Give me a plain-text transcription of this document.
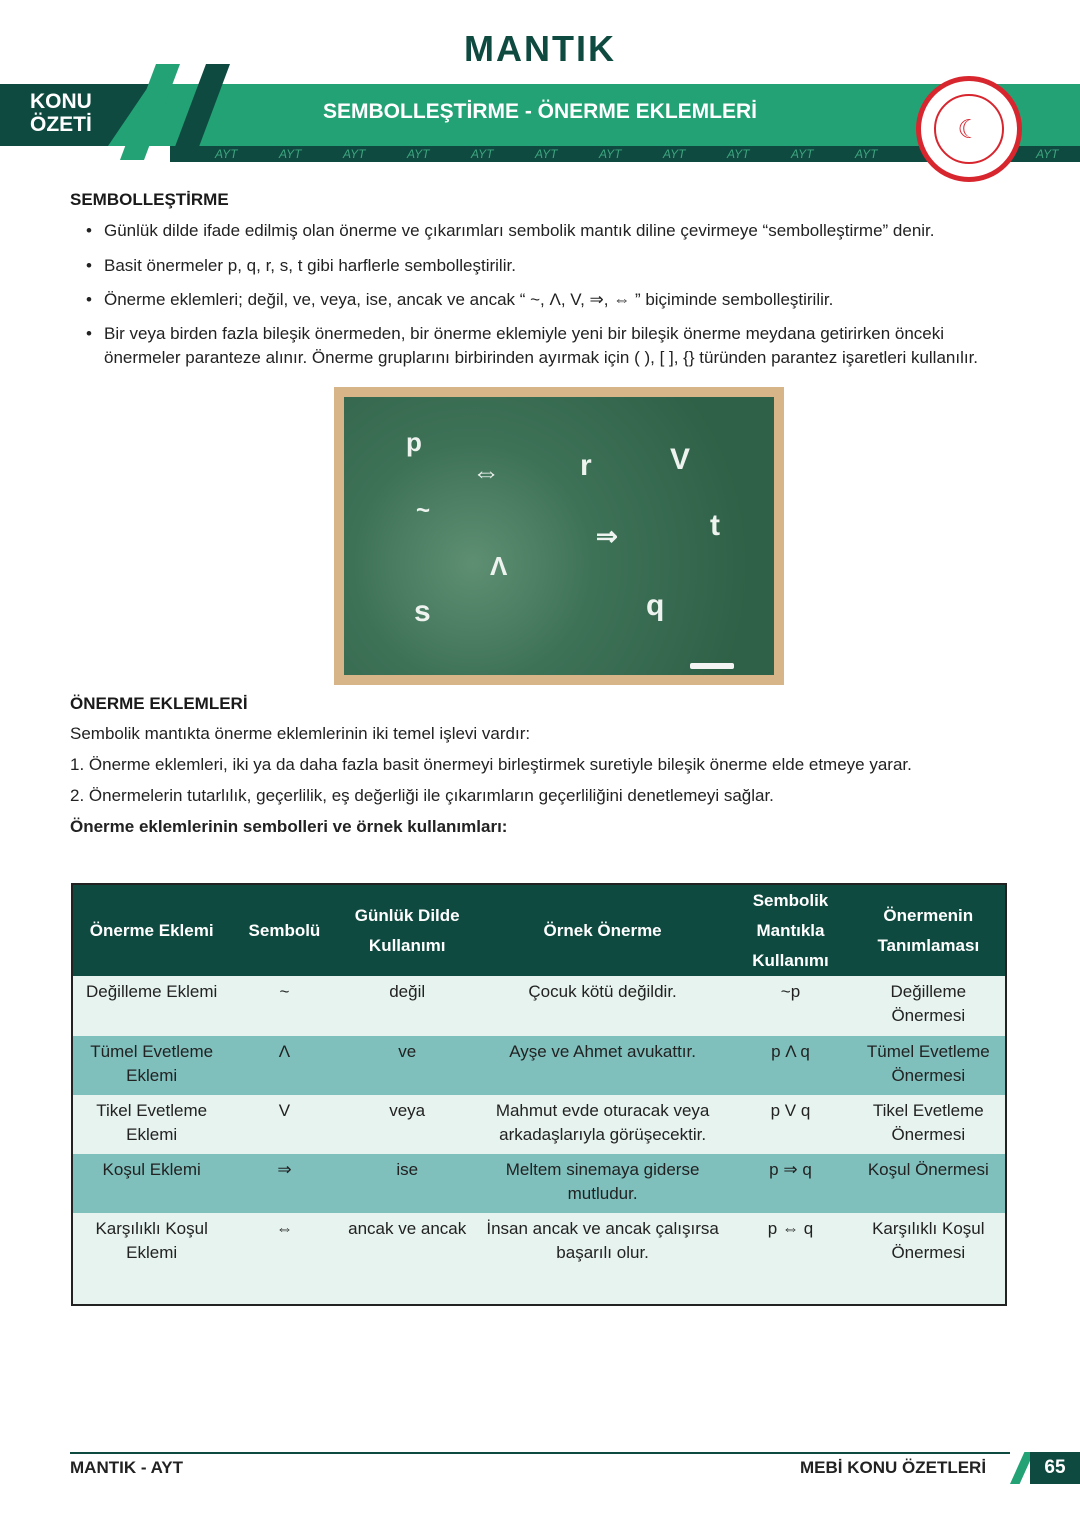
MANTIK
AYT	AYT	AYT	AYT	AYT	AYT	AYT	AYT	AYT	AYT	AYT	AYT
KONU
ÖZETİ
SEMBOLLEŞTİRME - ÖNERME EKLEMLERİ
☾
SEMBOLLEŞTİRME
• Günlük dilde ifade edilmiş olan önerme ve çıkarımları sembolik mantık diline çevirmeye “sembolleştirme” denir.
• Basit önermeler p, q, r, s, t gibi harflerle sembolleştirilir.
• Önerme eklemleri; değil, ve, veya, ise, ancak ve ancak “ ~, Λ, V, ⇒, ⇔ ” biçiminde sembolleştirilir.
• Bir veya birden fazla bileşik önermeden, bir önerme eklemiyle yeni bir bileşik önerme meydana getirirken önceki önermeler paranteze alınır. Önerme gruplarını birbirinden ayırmak için ( ), [ ], {} türünden parantez işaretleri kullanılır.
p
⇔	r	V
~
⇒	t
Λ
s	q
ÖNERME EKLEMLERİ
Sembolik mantıkta önerme eklemlerinin iki temel işlevi vardır:
1. Önerme eklemleri, iki ya da daha fazla basit önermeyi birleştirmek suretiyle bileşik önerme elde etmeye yarar.
2. Önermelerin tutarlılık, geçerlilik, eş değerliği ile çıkarımların geçerliliğini denetlemeyi sağlar.
Önerme eklemlerinin sembolleri ve örnek kullanımları:
Önerme Eklemi	Sembolü	Günlük Dilde Kullanımı	Örnek Önerme	Sembolik Mantıkla Kullanımı	Önermenin Tanımlaması
Değilleme Eklemi	~	değil	Çocuk kötü değildir.	~p	Değilleme Önermesi
Tümel Evetleme Eklemi	Λ	ve	Ayşe ve Ahmet avukattır.	p Λ q	Tümel Evetleme Önermesi
Tikel Evetleme Eklemi	V	veya	Mahmut evde oturacak veya arkadaşlarıyla görüşecektir.	p V q	Tikel Evetleme Önermesi
Koşul Eklemi	⇒	ise	Meltem sinemaya giderse mutludur.	p ⇒ q	Koşul Önermesi
Karşılıklı Koşul Eklemi	⇔	ancak ve ancak	İnsan ancak ve ancak çalışırsa başarılı olur.	p ⇔ q	Karşılıklı Koşul Önermesi
MANTIK - AYT	MEBİ KONU ÖZETLERİ	65
